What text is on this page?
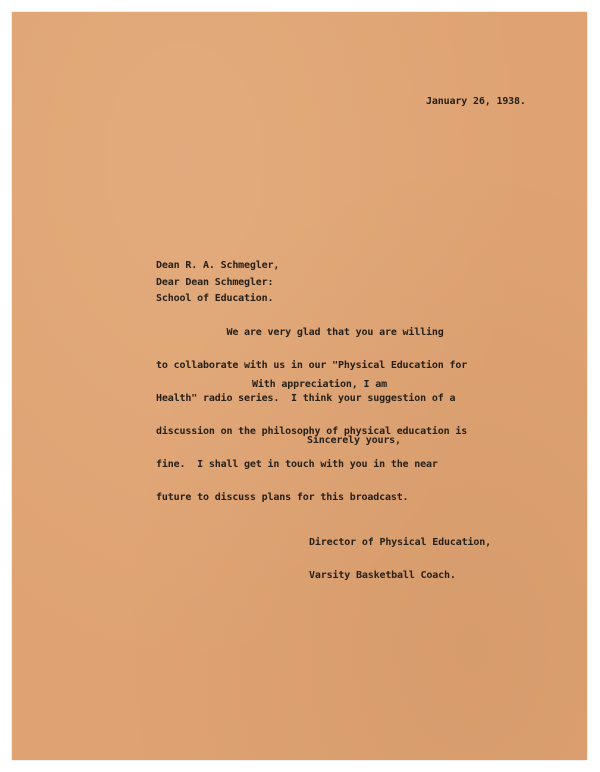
January 26, 1938.

Dean R. A. Schmegler,

School of Education.

Dear Dean Schmegler:

We are very glad that you are willing

to collaborate with us in our "Physical Education for

Health" radio series.  I think your suggestion of a

discussion on the philosophy of physical education is

fine.  I shall get in touch with you in the near

future to discuss plans for this broadcast.

With appreciation, I am

Sincerely yours,

Director of Physical Education,

Varsity Basketball Coach.
